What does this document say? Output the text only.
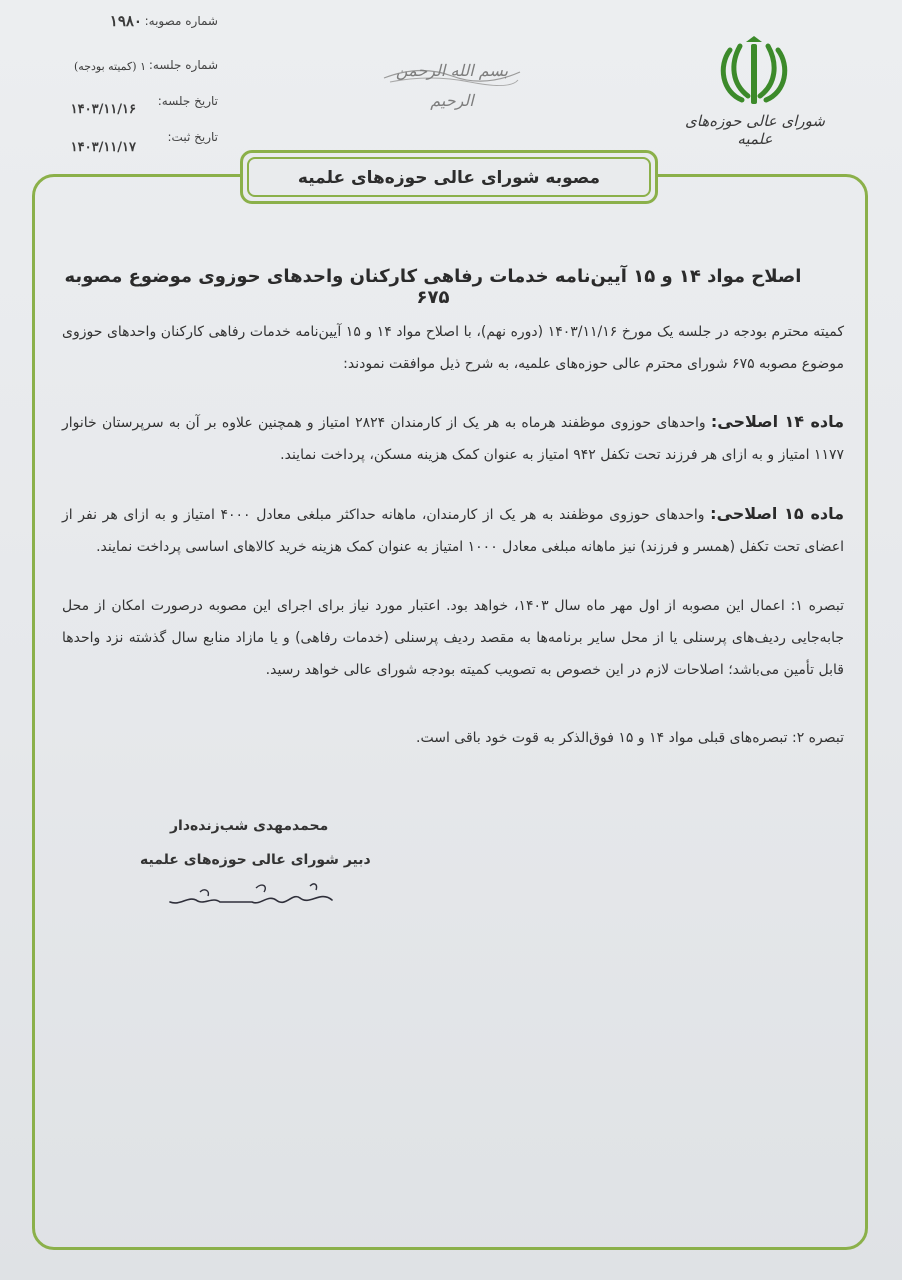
شورای عالی حوزه‌های علمیه
بسم الله الرحمن الرحیم
شماره مصوبه:
۱۹۸۰
شماره جلسه:
۱ (کمیته بودجه)
تاریخ جلسه:
۱۴۰۳/۱۱/۱۶
تاریخ ثبت:
۱۴۰۳/۱۱/۱۷
مصوبه شورای عالی حوزه‌های علمیه
اصلاح مواد ۱۴ و ۱۵ آیین‌نامه خدمات رفاهی کارکنان واحدهای حوزوی موضوع مصوبه ۶۷۵
کمیته محترم بودجه در جلسه یک مورخ ۱۴۰۳/۱۱/۱۶ (دوره نهم)، با اصلاح مواد ۱۴ و ۱۵ آیین‌نامه خدمات رفاهی کارکنان واحدهای حوزوی موضوع مصوبه ۶۷۵ شورای محترم عالی حوزه‌های علمیه، به شرح ذیل موافقت نمودند:
ماده ۱۴ اصلاحی: واحدهای حوزوی موظفند هرماه به هر یک از کارمندان ۲۸۲۴ امتیاز و همچنین علاوه بر آن به سرپرستان خانوار ۱۱۷۷ امتیاز و به ازای هر فرزند تحت تکفل ۹۴۲ امتیاز به عنوان کمک هزینه مسکن، پرداخت نمایند.
ماده ۱۵ اصلاحی: واحدهای حوزوی موظفند به هر یک از کارمندان، ماهانه حداکثر مبلغی معادل ۴۰۰۰ امتیاز و به ازای هر نفر از اعضای تحت تکفل (همسر و فرزند) نیز ماهانه مبلغی معادل ۱۰۰۰ امتیاز به عنوان کمک هزینه خرید کالاهای اساسی پرداخت نمایند.
تبصره ۱: اعمال این مصوبه از اول مهر ماه سال ۱۴۰۳، خواهد بود. اعتبار مورد نیاز برای اجرای این مصوبه درصورت امکان از محل جابه‌جایی ردیف‌های پرسنلی یا از محل سایر برنامه‌ها به مقصد ردیف پرسنلی (خدمات رفاهی) و یا مازاد منابع سال گذشته نزد واحدها قابل تأمین می‌باشد؛ اصلاحات لازم در این خصوص به تصویب کمیته بودجه شورای عالی خواهد رسید.
تبصره ۲: تبصره‌های قبلی مواد ۱۴ و ۱۵ فوق‌الذکر به قوت خود باقی است.
محمدمهدی شب‌زنده‌دار
دبیر شورای عالی حوزه‌های علمیه
